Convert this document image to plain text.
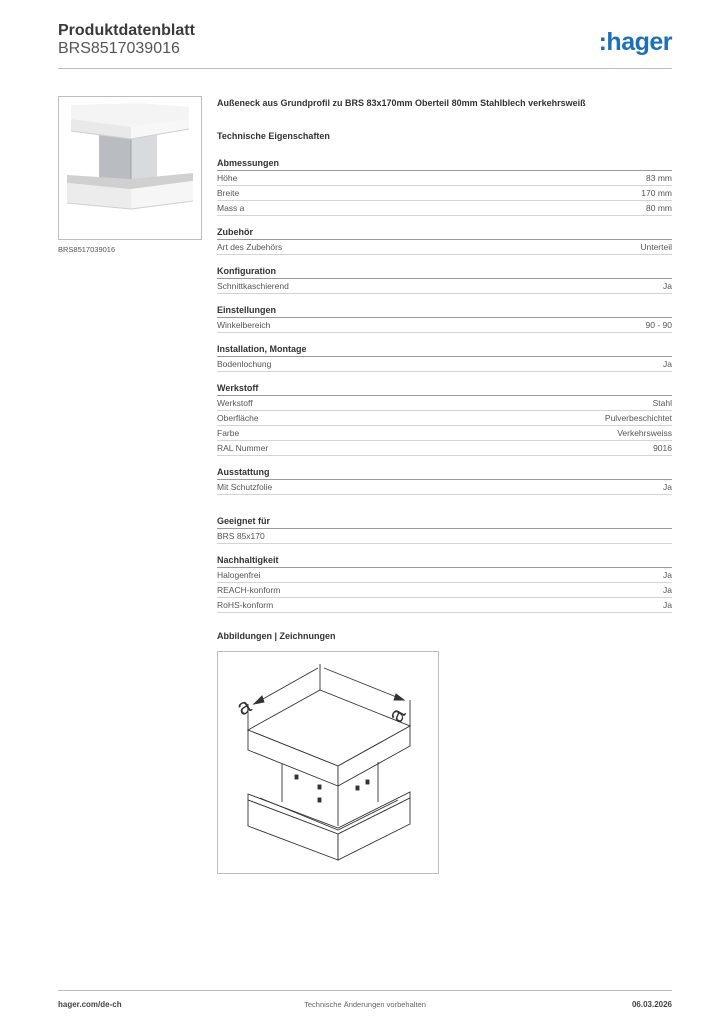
Produktdatenblatt
BRS8517039016	:hager
BRS8517039016
Außeneck aus Grundprofil zu BRS 83x170mm Oberteil 80mm Stahlblech verkehrsweiß
Technische Eigenschaften
Abmessungen
Höhe	83 mm
Breite	170 mm
Mass a	80 mm
Zubehör
Art des Zubehörs	Unterteil
Konfiguration
Schnittkaschierend	Ja
Einstellungen
Winkelbereich	90 - 90
Installation, Montage
Bodenlochung	Ja
Werkstoff
Werkstoff	Stahl
Oberfläche	Pulverbeschichtet
Farbe	Verkehrsweiss
RAL Nummer	9016
Ausstattung
Mit Schutzfolie	Ja
Geeignet für
BRS 85x170
Nachhaltigkeit
Halogenfrei	Ja
REACH-konform	Ja
RoHS-konform	Ja
Abbildungen | Zeichnungen
a	a
hager.com/de-ch	Technische Änderungen vorbehalten	06.03.2026
